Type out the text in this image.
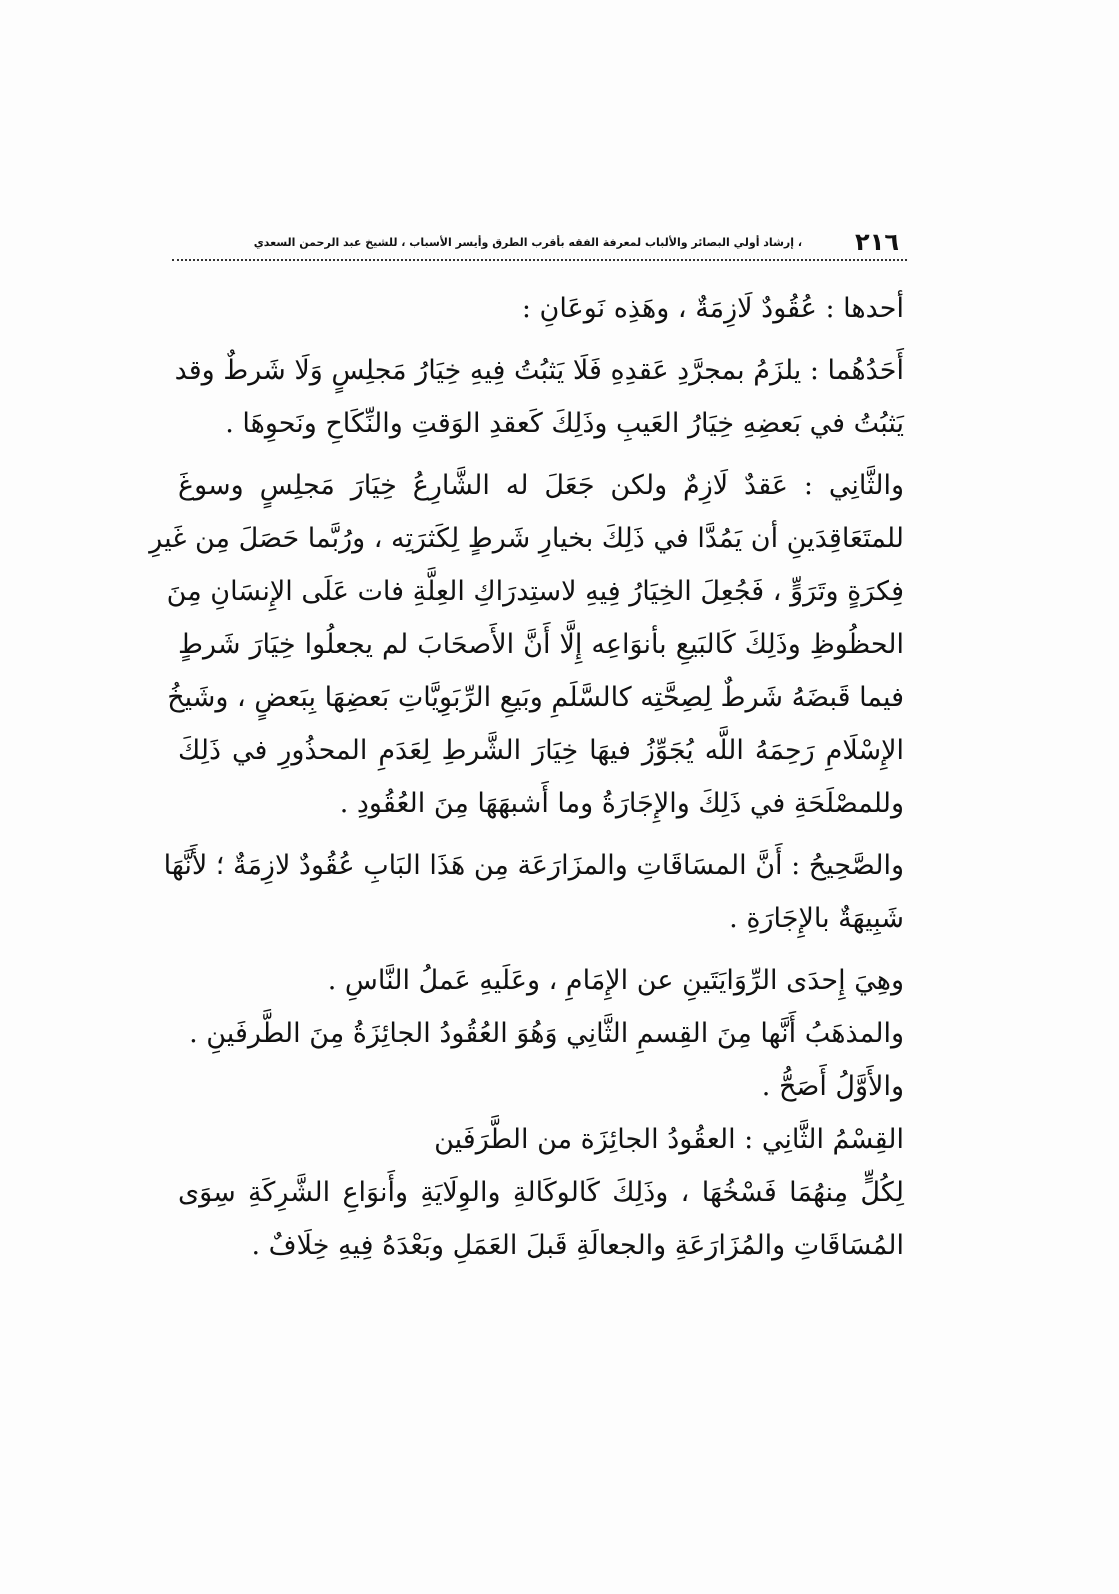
٢١٦
، إرشاد أولي البصائر والألباب لمعرفة الفقه بأقرب الطرق وأيسر الأسباب ، للشيخ عبد الرحمن السعدي

أحدها : عُقُودٌ لَازِمَةٌ ، وهَذِه نَوعَانِ :

أَحَدُهُما : يلزَمُ بمجرَّدِ عَقدِهِ فَلَا يَثبُتُ فِيهِ خِيَارُ مَجلِسٍ وَلَا شَرطٌ وقد
يَثبُتُ في بَعضِهِ خِيَارُ العَيبِ وذَلِكَ كَعقدِ الوَقتِ والنِّكَاحِ ونَحوِهَا .

والثَّانِي : عَقدٌ لَازِمٌ ولكن جَعَلَ له الشَّارِعُ خِيَارَ مَجلِسٍ وسوغَ
للمتَعَاقِدَينِ أن يَمُدَّا في ذَلِكَ بخيارِ شَرطٍ لِكَثرَتِه ، ورُبَّما حَصَلَ مِن غَيرِ
فِكرَةٍ وتَرَوٍّ ، فَجُعِلَ الخِيَارُ فِيهِ لاستِدرَاكِ العِلَّةِ فات عَلَى الإِنسَانِ مِنَ
الحظُوظِ وذَلِكَ كَالبَيعِ بأنوَاعِه إِلَّا أَنَّ الأَصحَابَ لم يجعلُوا خِيَارَ شَرطٍ
فيما قَبضَهُ شَرطٌ لِصِحَّتِه كالسَّلَمِ وبَيعِ الرِّبَوِيَّاتِ بَعضِهَا بِبَعضٍ ، وشَيخُ
الإِسْلَامِ رَحِمَهُ اللَّه يُجَوِّزُ فيهَا خِيَارَ الشَّرطِ لِعَدَمِ المحذُورِ في ذَلِكَ
وللمصْلَحَةِ في ذَلِكَ والإِجَارَةُ وما أَشبهَهَا مِنَ العُقُودِ .

والصَّحِيحُ : أَنَّ المسَاقَاتِ والمزَارَعَة مِن هَذَا البَابِ عُقُودٌ لازِمَةٌ ؛ لأَنَّهَا
شَبِيهَةٌ بالإِجَارَةِ .

وهِيَ إِحدَى الرِّوَايَتَينِ عن الإِمَامِ ، وعَلَيهِ عَملُ النَّاسِ .

والمذهَبُ أَنَّها مِنَ القِسمِ الثَّانِي وَهُوَ العُقُودُ الجائِزَةُ مِنَ الطَّرفَينِ .

والأَوَّلُ أَصَحُّ .

القِسْمُ الثَّانِي : العقُودُ الجائِزَة من الطَّرَفَين

لِكُلٍّ مِنهُمَا فَسْخُهَا ، وذَلِكَ كَالوكَالةِ والوِلَايَةِ وأَنوَاعِ الشَّرِكَةِ سِوَى
المُسَاقَاتِ والمُزَارَعَةِ والجعالَةِ قَبلَ العَمَلِ وبَعْدَهُ فِيهِ خِلَافٌ .
